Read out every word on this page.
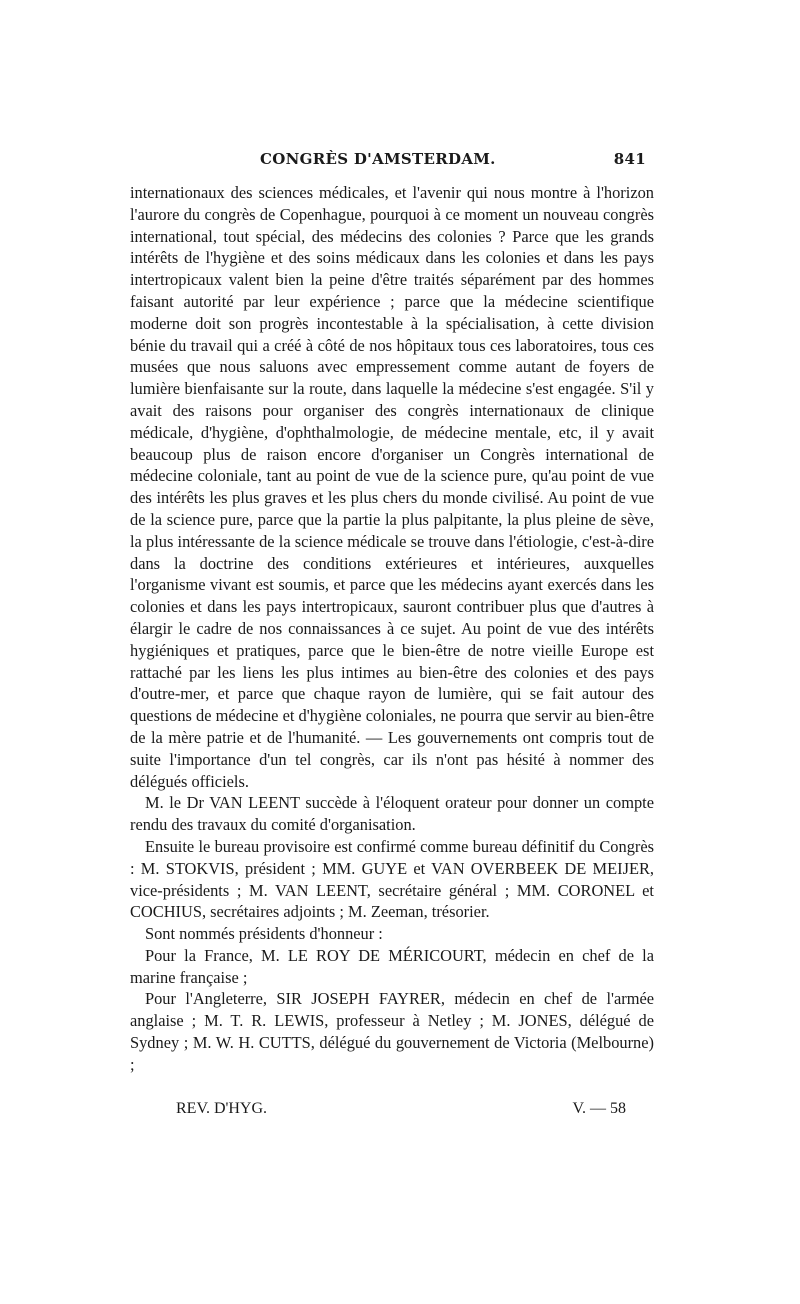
CONGRÈS D'AMSTERDAM.	841

internationaux des sciences médicales, et l'avenir qui nous montre à l'horizon l'aurore du congrès de Copenhague, pourquoi à ce moment un nouveau congrès international, tout spécial, des médecins des colonies ? Parce que les grands intérêts de l'hygiène et des soins médicaux dans les colonies et dans les pays intertropicaux valent bien la peine d'être traités séparément par des hommes faisant autorité par leur expérience ; parce que la médecine scientifique moderne doit son progrès incontestable à la spécialisation, à cette division bénie du travail qui a créé à côté de nos hôpitaux tous ces laboratoires, tous ces musées que nous saluons avec empressement comme autant de foyers de lumière bienfaisante sur la route, dans laquelle la médecine s'est engagée. S'il y avait des raisons pour organiser des congrès internationaux de clinique médicale, d'hygiène, d'ophthalmologie, de médecine mentale, etc, il y avait beaucoup plus de raison encore d'organiser un Congrès international de médecine coloniale, tant au point de vue de la science pure, qu'au point de vue des intérêts les plus graves et les plus chers du monde civilisé. Au point de vue de la science pure, parce que la partie la plus palpitante, la plus pleine de sève, la plus intéressante de la science médicale se trouve dans l'étiologie, c'est-à-dire dans la doctrine des conditions extérieures et intérieures, auxquelles l'organisme vivant est soumis, et parce que les médecins ayant exercés dans les colonies et dans les pays intertropicaux, sauront contribuer plus que d'autres à élargir le cadre de nos connaissances à ce sujet. Au point de vue des intérêts hygiéniques et pratiques, parce que le bien-être de notre vieille Europe est rattaché par les liens les plus intimes au bien-être des colonies et des pays d'outre-mer, et parce que chaque rayon de lumière, qui se fait autour des questions de médecine et d'hygiène coloniales, ne pourra que servir au bien-être de la mère patrie et de l'humanité. — Les gouvernements ont compris tout de suite l'importance d'un tel congrès, car ils n'ont pas hésité à nommer des délégués officiels.

M. le Dr VAN LEENT succède à l'éloquent orateur pour donner un compte rendu des travaux du comité d'organisation.

Ensuite le bureau provisoire est confirmé comme bureau définitif du Congrès : M. STOKVIS, président ; MM. GUYE et VAN OVERBEEK DE MEIJER, vice-présidents ; M. VAN LEENT, secrétaire général ; MM. CORONEL et COCHIUS, secrétaires adjoints ; M. Zeeman, trésorier.

Sont nommés présidents d'honneur :

Pour la France, M. LE ROY DE MÉRICOURT, médecin en chef de la marine française ;

Pour l'Angleterre, SIR JOSEPH FAYRER, médecin en chef de l'armée anglaise ; M. T. R. LEWIS, professeur à Netley ; M. JONES, délégué de Sydney ; M. W. H. CUTTS, délégué du gouvernement de Victoria (Melbourne) ;

REV. D'HYG.	V. — 58
